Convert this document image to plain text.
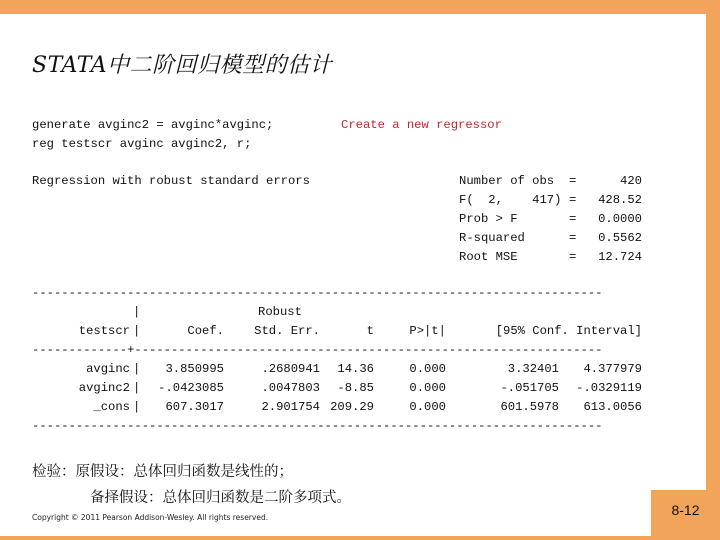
STATA中二阶回归模型的估计
generate avginc2 = avginc*avginc;	Create a new regressor
reg testscr avginc avginc2, r;
Regression with robust standard errors	Number of obs =	420
F(  2,    417) = 428.52
Prob > F	= 0.0000
R-squared	= 0.5562
Root MSE	= 12.724
------------------------------------------------------------------------------
|	Robust
testscr |	Coef. Std. Err.	t	P>|t|	[95% Conf. Interval]
-------------+----------------------------------------------------------------
avginc | 3.850995	.2680941 14.36	0.000	3.32401 4.377979
avginc2 | -.0423085	.0047803 -8.85	0.000	-.051705 -.0329119
_cons | 607.3017	2.901754 209.29	0.000	601.5978 613.0056
------------------------------------------------------------------------------
检验：原假设：总体回归函数是线性的；
备择假设：总体回归函数是二阶多项式。
Copyright © 2011 Pearson Addison-Wesley. All rights reserved.	8-12
